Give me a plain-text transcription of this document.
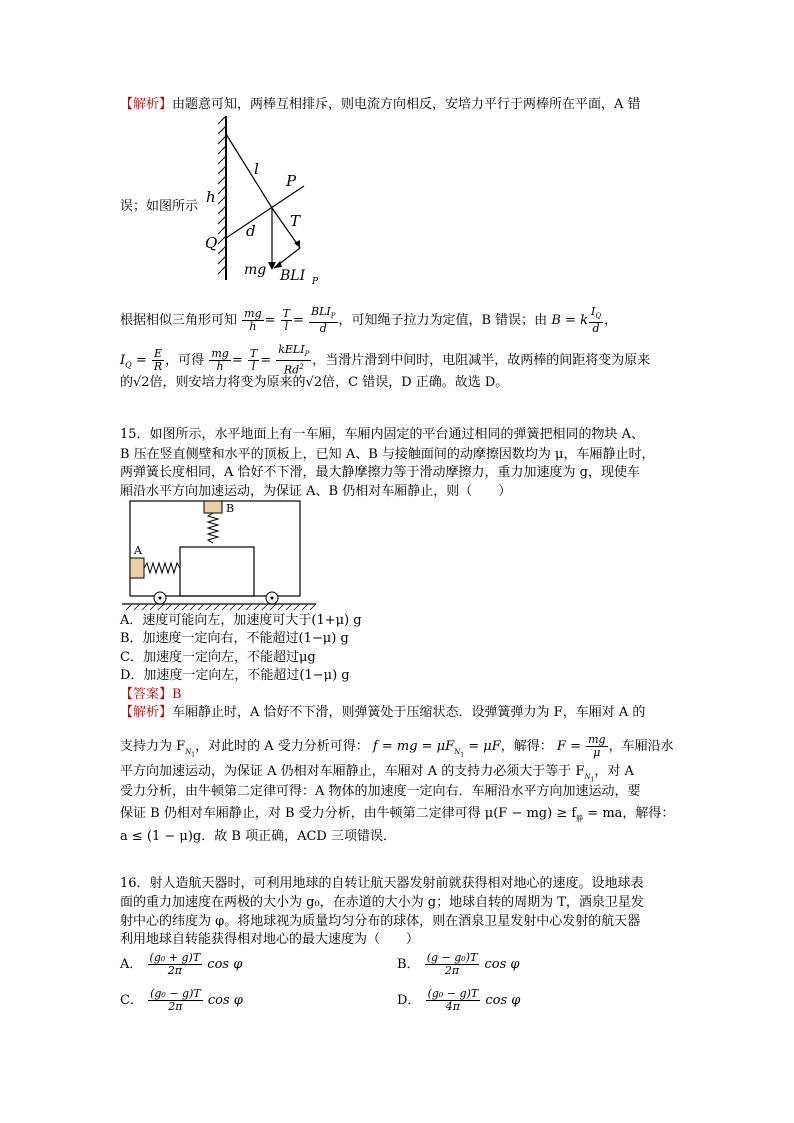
【解析】由题意可知，两棒互相排斥，则电流方向相反，安培力平行于两棒所在平面，A 错
误；如图所示
l
h
P
T
Q
d
mg BLI P
根据相似三角形可知 $\frac{mg}{h} = \frac{T}{l} = \frac{BLI_P}{d}$ ，可知绳子拉力为定值，B 错误；由 B = k $\frac{I_Q}{d}$ ，
$I_Q = \frac{E}{R}$ ，可得 $\frac{mg}{h} = \frac{T}{l} = \frac{kELI_P}{Rd^2}$ ，当滑片滑到中间时，电阻减半，故两棒的间距将变为原来
的√2倍，则安培力将变为原来的√2倍，C 错误，D 正确。故选 D。
15．如图所示，水平地面上有一车厢，车厢内固定的平台通过相同的弹簧把相同的物块 A、
B 压在竖直侧壁和水平的顶板上，已知 A、B 与接触面间的动摩擦因数均为 μ，车厢静止时，
两弹簧长度相同，A 恰好不下滑，最大静摩擦力等于滑动摩擦力，重力加速度为 g，现使车
厢沿水平方向加速运动，为保证 A、B 仍相对车厢静止，则（　　）
B
A
A．速度可能向左，加速度可大于(1+μ) g
B．加速度一定向右，不能超过(1−μ) g
C．加速度一定向左，不能超过μg
D．加速度一定向左，不能超过(1−μ) g
【答案】B
【解析】车厢静止时，A 恰好不下滑，则弹簧处于压缩状态．设弹簧弹力为 F，车厢对 A 的
支持力为 $F_{N_1}$，对此时的 A 受力分析可得： f = mg = $\mu F_{N_1} = \mu F$，解得： $F = \frac{mg}{\mu}$ ，车厢沿水
平方向加速运动，为保证 A 仍相对车厢静止，车厢对 A 的支持力必须大于等于 $F_{N_1}$，对 A
受力分析，由牛顿第二定律可得：A 物体的加速度一定向右．车厢沿水平方向加速运动，要
保证 B 仍相对车厢静止，对 B 受力分析，由牛顿第二定律可得 $\mu(F - mg) \ge f_静$ = ma，解得：
a ≤ (1 − μ)g．故 B 项正确，ACD 三项错误．
16．射人造航天器时，可利用地球的自转让航天器发射前就获得相对地心的速度。设地球表
面的重力加速度在两极的大小为 g₀，在赤道的大小为 g；地球自转的周期为 T，酒泉卫星发
射中心的纬度为 φ。将地球视为质量均匀分布的球体，则在酒泉卫星发射中心发射的航天器
利用地球自转能获得相对地心的最大速度为（　　）
A． $\frac{\text{(g₀ + g)T}}{2\pi}$ cos φ	B． $\frac{\text{(g − g₀)T}}{2\pi}$ cos φ
C． $\frac{\text{(g₀ − g)T}}{2\pi}$ cos φ	D． $\frac{\text{(g₀ − g)T}}{4\pi}$ cos φ
